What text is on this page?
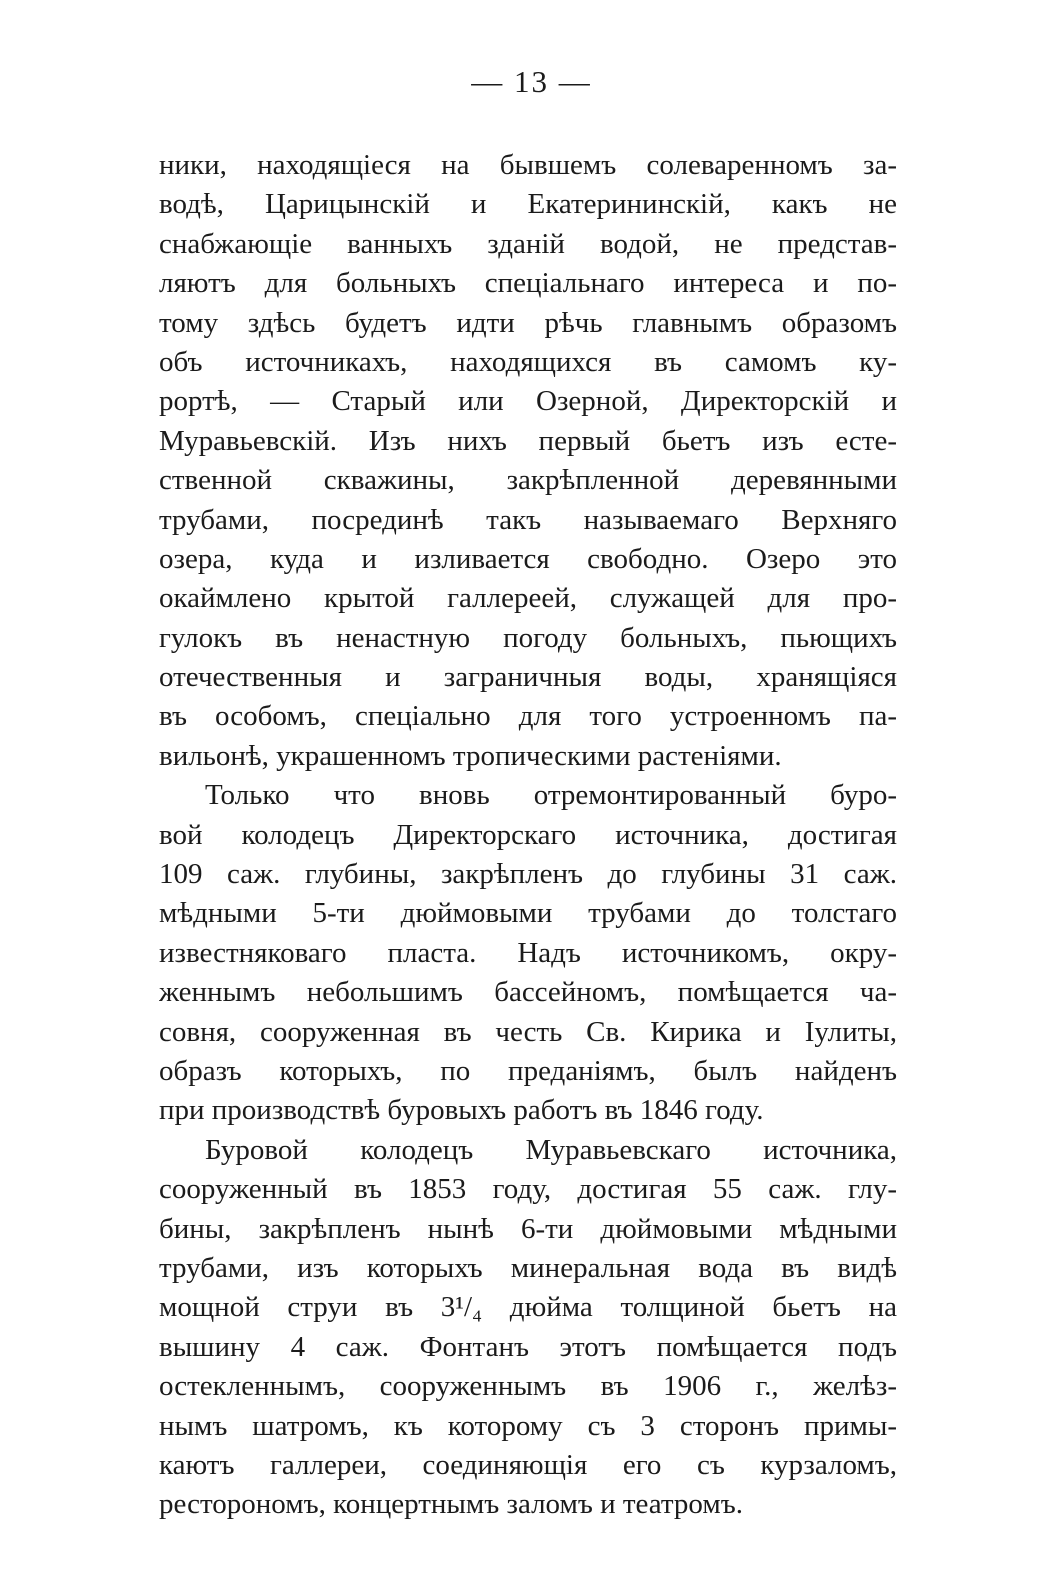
— 13 —
ники, находящіеся на бывшемъ солеваренномъ за-
водѣ, Царицынскій и Екатерининскій, какъ не
снабжающіе ванныхъ зданій водой, не представ-
ляютъ для больныхъ спеціальнаго интереса и по-
тому здѣсь будетъ идти рѣчь главнымъ образомъ
объ источникахъ, находящихся въ самомъ ку-
рортѣ, — Старый или Озерной, Директорскій и
Муравьевскій. Изъ нихъ первый бьетъ изъ есте-
ственной скважины, закрѣпленной деревянными
трубами, посрединѣ такъ называемаго Верхняго
озера, куда и изливается свободно. Озеро это
окаймлено крытой галлереей, служащей для про-
гулокъ въ ненастную погоду больныхъ, пьющихъ
отечественныя и заграничныя воды, хранящіяся
въ особомъ, спеціально для того устроенномъ па-
вильонѣ, украшенномъ тропическими растеніями.
Только что вновь отремонтированный буро-
вой колодецъ Директорскаго источника, достигая
109 саж. глубины, закрѣпленъ до глубины 31 саж.
мѣдными 5-ти дюймовыми трубами до толстаго
известняковаго пласта. Надъ источникомъ, окру-
женнымъ небольшимъ бассейномъ, помѣщается ча-
совня, сооруженная въ честь Св. Кирика и Іулиты,
образъ которыхъ, по преданіямъ, былъ найденъ
при производствѣ буровыхъ работъ въ 1846 году.
Буровой колодецъ Муравьевскаго источника,
сооруженный въ 1853 году, достигая 55 саж. глу-
бины, закрѣпленъ нынѣ 6-ти дюймовыми мѣдными
трубами, изъ которыхъ минеральная вода въ видѣ
мощной струи въ 3¹/₄ дюйма толщиной бьетъ на
вышину 4 саж. Фонтанъ этотъ помѣщается подъ
остекленнымъ, сооруженнымъ въ 1906 г., желѣз-
нымъ шатромъ, къ которому съ 3 сторонъ примы-
каютъ галлереи, соединяющія его съ курзаломъ,
ресторономъ, концертнымъ заломъ и театромъ.
